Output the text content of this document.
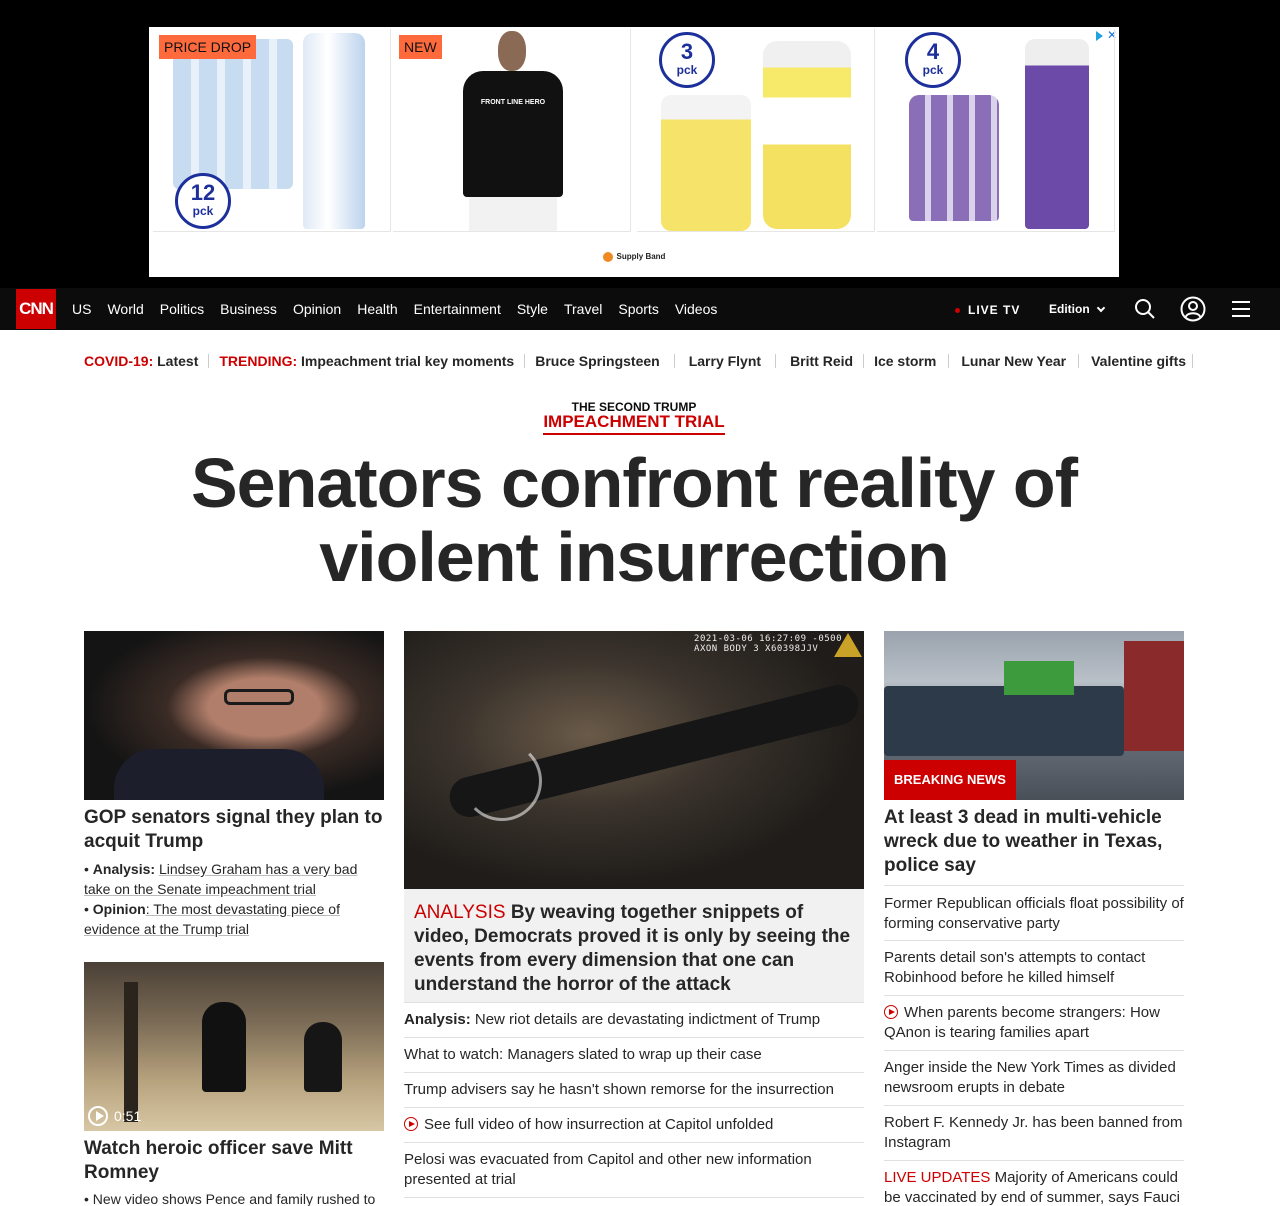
✕
PRICE DROP
12
pck
NEW
FRONT LINE HERO
3
pck
4
pck
Supply Band
CNN US World Politics Business Opinion Health Entertainment Style Travel Sports Videos	LIVE TV	Edition
COVID-19:
Latest TRENDING:
Impeachment trial key moments Bruce Springsteen Larry Flynt Britt Reid Ice storm Lunar New Year Valentine gifts
THE SECOND TRUMP
IMPEACHMENT TRIAL
Senators confront reality of violent insurrection
GOP senators signal they plan to acquit Trump
• Analysis: Lindsey Graham has a very bad take on the Senate impeachment trial
• Opinion: The most devastating piece of evidence at the Trump trial
0:51
Watch heroic officer save Mitt Romney
• New video shows Pence and family rushed to
2021-03-06 16:27:09 -0500
AXON BODY 3 X60398JJV
ANALYSIS By weaving together snippets of video, Democrats proved it is only by seeing the events from every dimension that one can understand the horror of the attack
Analysis: New riot details are devastating indictment of Trump
What to watch: Managers slated to wrap up their case
Trump advisers say he hasn't shown remorse for the insurrection
See full video of how insurrection at Capitol unfolded
Pelosi was evacuated from Capitol and other new information presented at trial
BREAKING NEWS
At least 3 dead in multi-vehicle wreck due to weather in Texas, police say
Former Republican officials float possibility of forming conservative party
Parents detail son's attempts to contact Robinhood before he killed himself
When parents become strangers: How QAnon is tearing families apart
Anger inside the New York Times as divided newsroom erupts in debate
Robert F. Kennedy Jr. has been banned from Instagram
LIVE UPDATES Majority of Americans could be vaccinated by end of summer, says Fauci
